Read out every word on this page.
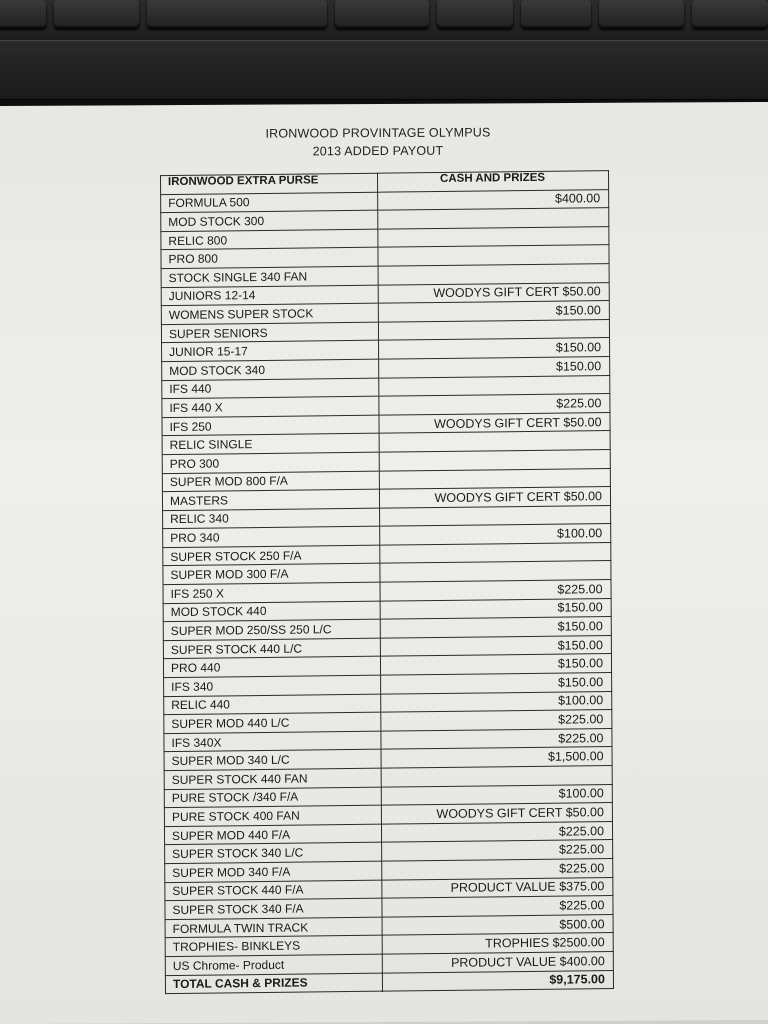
IRONWOOD PROVINTAGE OLYMPUS
2013 ADDED PAYOUT
IRONWOOD EXTRA PURSE	CASH AND PRIZES
FORMULA 500	$400.00
MOD STOCK 300	
RELIC 800	
PRO 800	
STOCK SINGLE 340 FAN	
JUNIORS 12-14	WOODYS GIFT CERT $50.00
WOMENS SUPER STOCK	$150.00
SUPER SENIORS	
JUNIOR 15-17	$150.00
MOD STOCK 340	$150.00
IFS 440	
IFS 440 X	$225.00
IFS 250	WOODYS GIFT CERT $50.00
RELIC SINGLE	
PRO 300	
SUPER MOD 800 F/A	
MASTERS	WOODYS GIFT CERT $50.00
RELIC 340	
PRO 340	$100.00
SUPER STOCK 250 F/A	
SUPER MOD 300 F/A	
IFS 250 X	$225.00
MOD STOCK 440	$150.00
SUPER MOD 250/SS 250 L/C	$150.00
SUPER STOCK 440 L/C	$150.00
PRO 440	$150.00
IFS 340	$150.00
RELIC 440	$100.00
SUPER MOD 440 L/C	$225.00
IFS 340X	$225.00
SUPER MOD 340 L/C	$1,500.00
SUPER STOCK 440 FAN	
PURE STOCK /340 F/A	$100.00
PURE STOCK 400 FAN	WOODYS GIFT CERT $50.00
SUPER MOD 440 F/A	$225.00
SUPER STOCK 340 L/C	$225.00
SUPER MOD 340 F/A	$225.00
SUPER STOCK 440 F/A	PRODUCT VALUE $375.00
SUPER STOCK 340 F/A	$225.00
FORMULA TWIN TRACK	$500.00
TROPHIES- BINKLEYS	TROPHIES $2500.00
US Chrome- Product	PRODUCT VALUE $400.00
TOTAL CASH & PRIZES	$9,175.00
